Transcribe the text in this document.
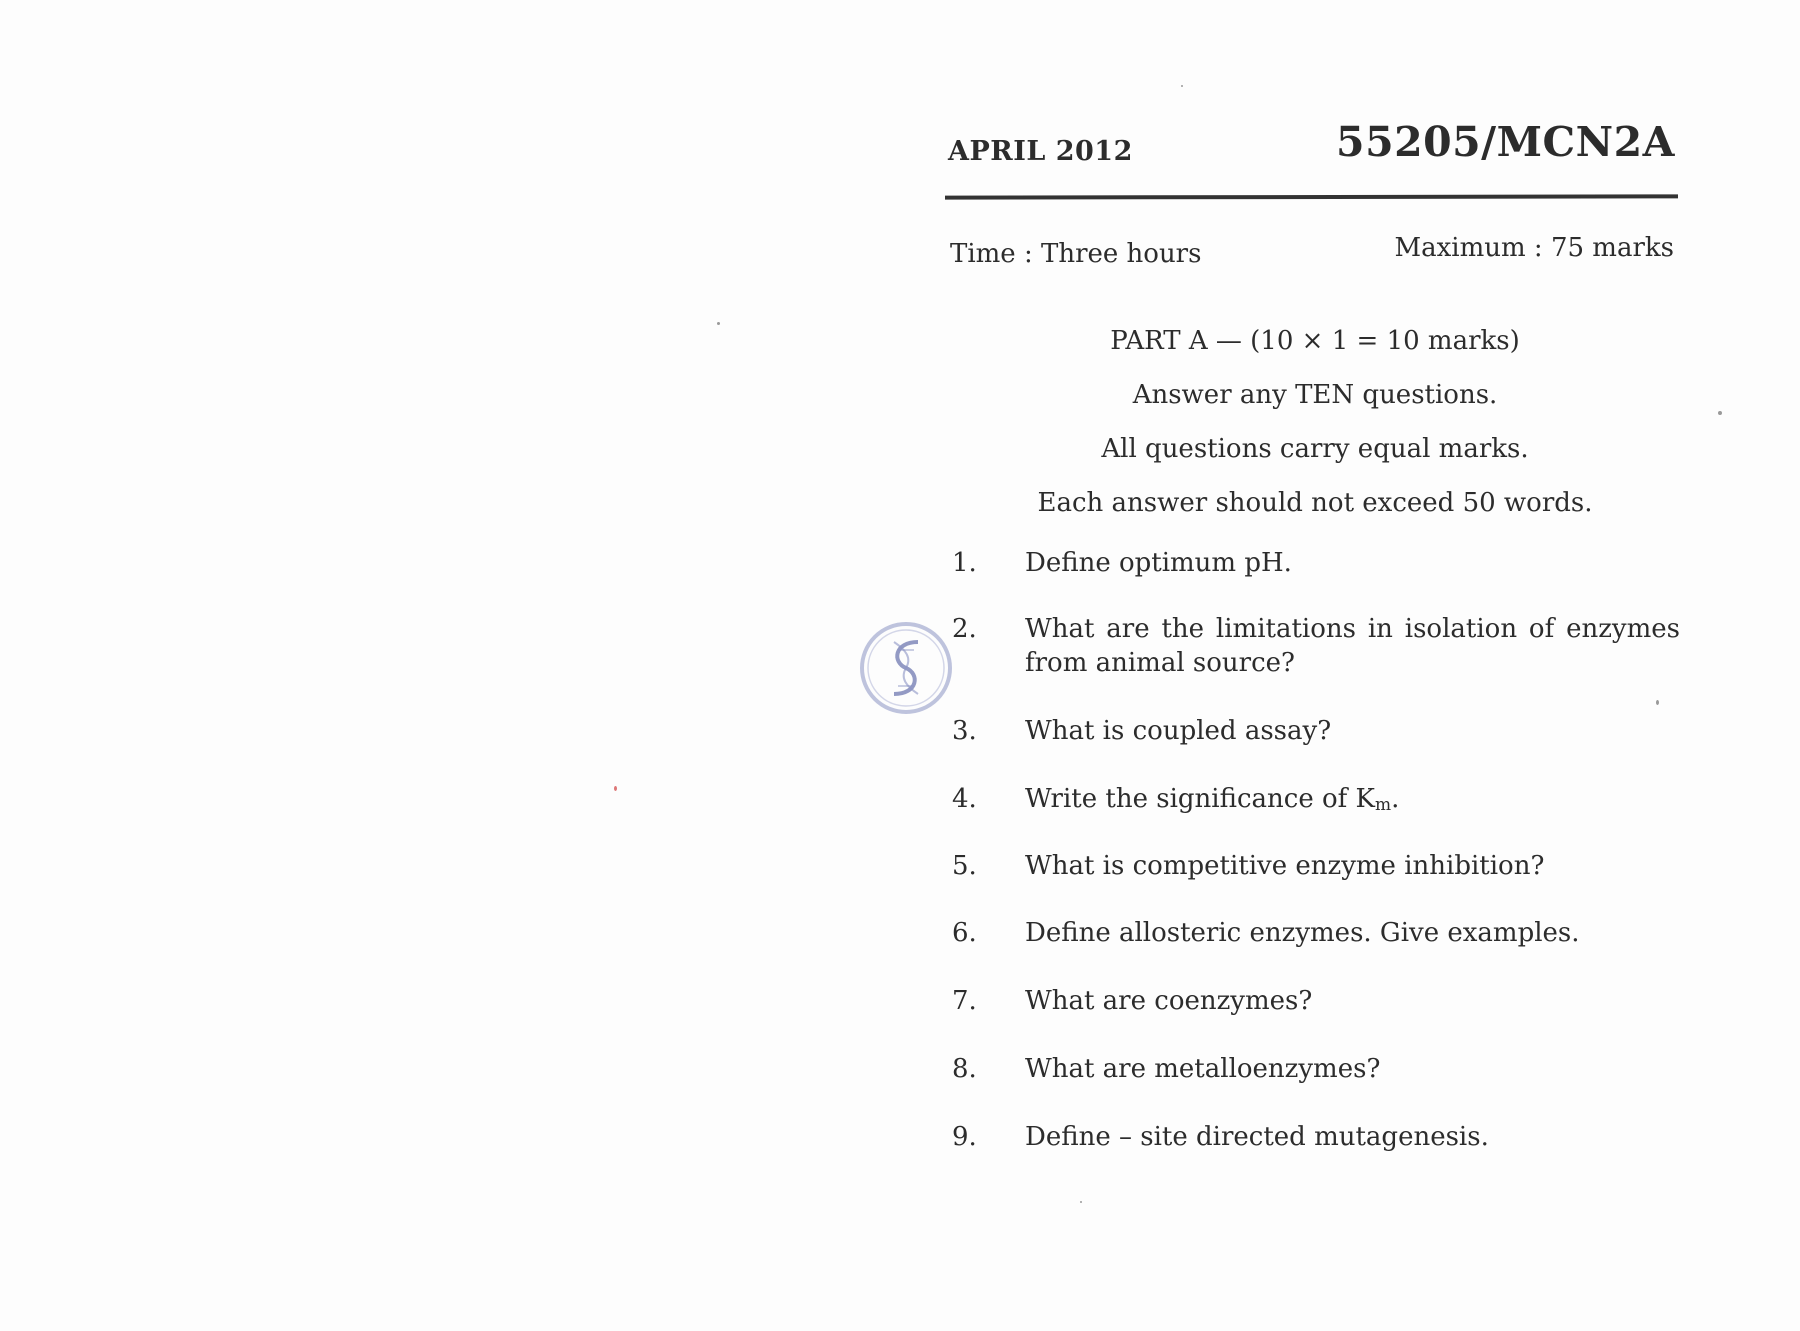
APRIL 2012	55205/MCN2A
Time : Three hours	Maximum : 75 marks
PART A — (10 × 1 = 10 marks)
Answer any TEN questions.
All questions carry equal marks.
Each answer should not exceed 50 words.
1.	Define optimum pH.
2.	What are the limitations in isolation of enzymes from animal source?
3.	What is coupled assay?
4.	Write the significance of $K_m$.
5.	What is competitive enzyme inhibition?
6.	Define allosteric enzymes. Give examples.
7.	What are coenzymes?
8.	What are metalloenzymes?
9.	Define – site directed mutagenesis.
